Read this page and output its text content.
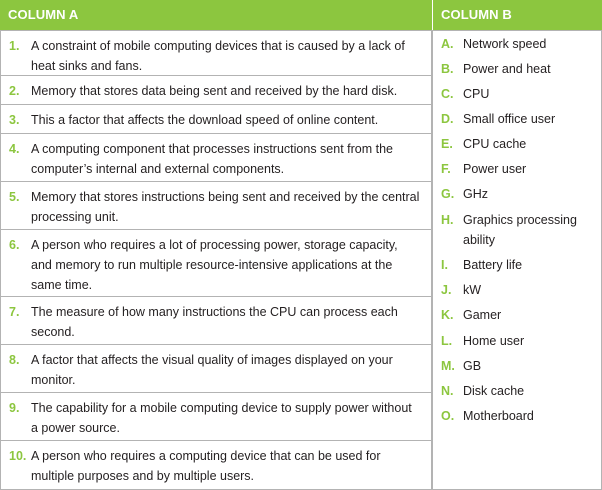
COLUMN A	COLUMN B
1. A constraint of mobile computing devices that is caused by a lack of heat sinks and fans.
2. Memory that stores data being sent and received by the hard disk.
3. This a factor that affects the download speed of online content.
4. A computing component that processes instructions sent from the computer’s internal and external components.
5. Memory that stores instructions being sent and received by the central processing unit.
6. A person who requires a lot of processing power, storage capacity, and memory to run multiple resource-intensive applications at the same time.
7. The measure of how many instructions the CPU can process each second.
8. A factor that affects the visual quality of images displayed on your monitor.
9. The capability for a mobile computing device to supply power without a power source.
10. A person who requires a computing device that can be used for multiple purposes and by multiple users.
A. Network speed
B. Power and heat
C. CPU
D. Small office user
E. CPU cache
F. Power user
G. GHz
H. Graphics processing ability
I. Battery life
J. kW
K. Gamer
L. Home user
M. GB
N. Disk cache
O. Motherboard
